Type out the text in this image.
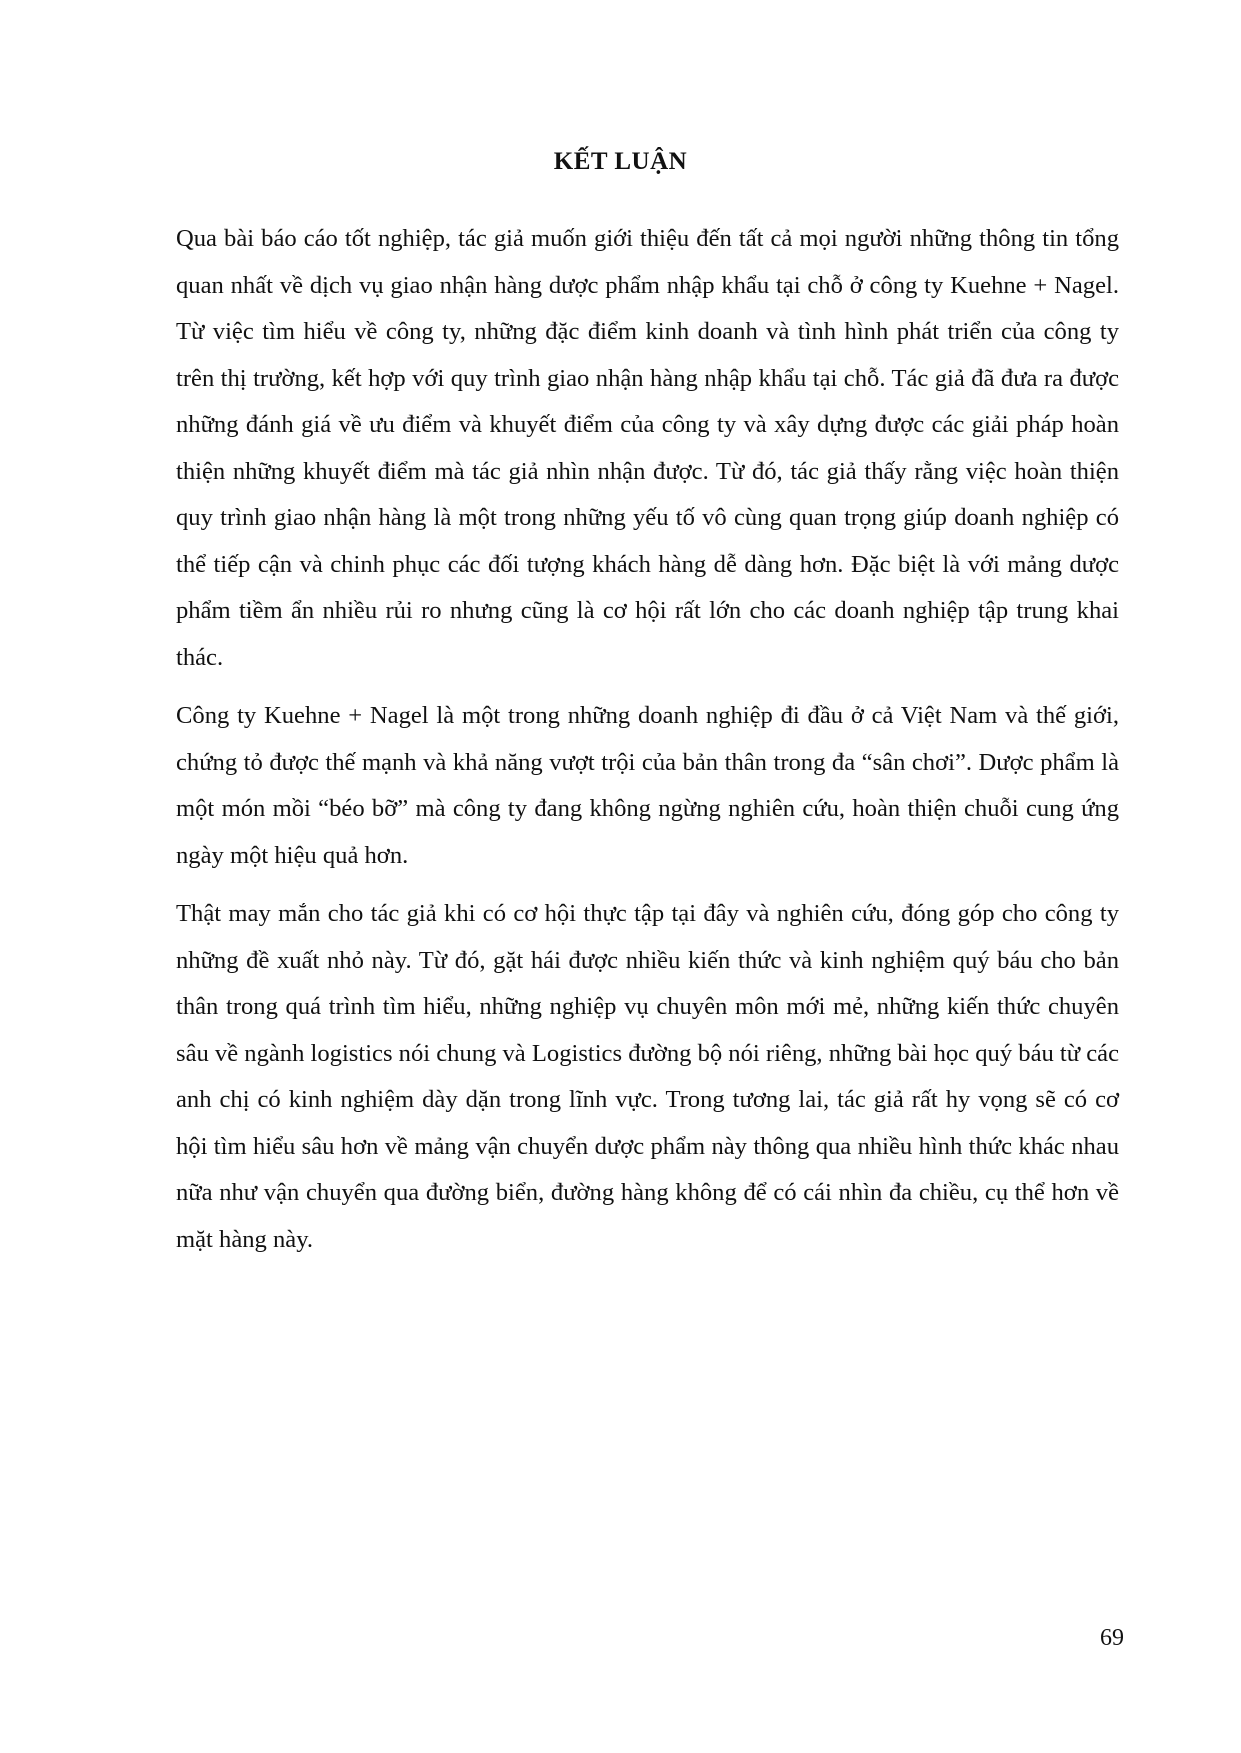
KẾT LUẬN

Qua bài báo cáo tốt nghiệp, tác giả muốn giới thiệu đến tất cả mọi người những thông tin tổng quan nhất về dịch vụ giao nhận hàng dược phẩm nhập khẩu tại chỗ ở công ty Kuehne + Nagel. Từ việc tìm hiểu về công ty, những đặc điểm kinh doanh và tình hình phát triển của công ty trên thị trường, kết hợp với quy trình giao nhận hàng nhập khẩu tại chỗ. Tác giả đã đưa ra được những đánh giá về ưu điểm và khuyết điểm của công ty và xây dựng được các giải pháp hoàn thiện những khuyết điểm mà tác giả nhìn nhận được. Từ đó, tác giả thấy rằng việc hoàn thiện quy trình giao nhận hàng là một trong những yếu tố vô cùng quan trọng giúp doanh nghiệp có thể tiếp cận và chinh phục các đối tượng khách hàng dễ dàng hơn. Đặc biệt là với mảng dược phẩm tiềm ẩn nhiều rủi ro nhưng cũng là cơ hội rất lớn cho các doanh nghiệp tập trung khai thác.

Công ty Kuehne + Nagel là một trong những doanh nghiệp đi đầu ở cả Việt Nam và thế giới, chứng tỏ được thế mạnh và khả năng vượt trội của bản thân trong đa “sân chơi”. Dược phẩm là một món mồi “béo bỡ” mà công ty đang không ngừng nghiên cứu, hoàn thiện chuỗi cung ứng ngày một hiệu quả hơn.

Thật may mắn cho tác giả khi có cơ hội thực tập tại đây và nghiên cứu, đóng góp cho công ty những đề xuất nhỏ này. Từ đó, gặt hái được nhiều kiến thức và kinh nghiệm quý báu cho bản thân trong quá trình tìm hiểu, những nghiệp vụ chuyên môn mới mẻ, những kiến thức chuyên sâu về ngành logistics nói chung và Logistics đường bộ nói riêng, những bài học quý báu từ các anh chị có kinh nghiệm dày dặn trong lĩnh vực. Trong tương lai, tác giả rất hy vọng sẽ có cơ hội tìm hiểu sâu hơn về mảng vận chuyển dược phẩm này thông qua nhiều hình thức khác nhau nữa như vận chuyển qua đường biển, đường hàng không để có cái nhìn đa chiều, cụ thể hơn về mặt hàng này.

69
